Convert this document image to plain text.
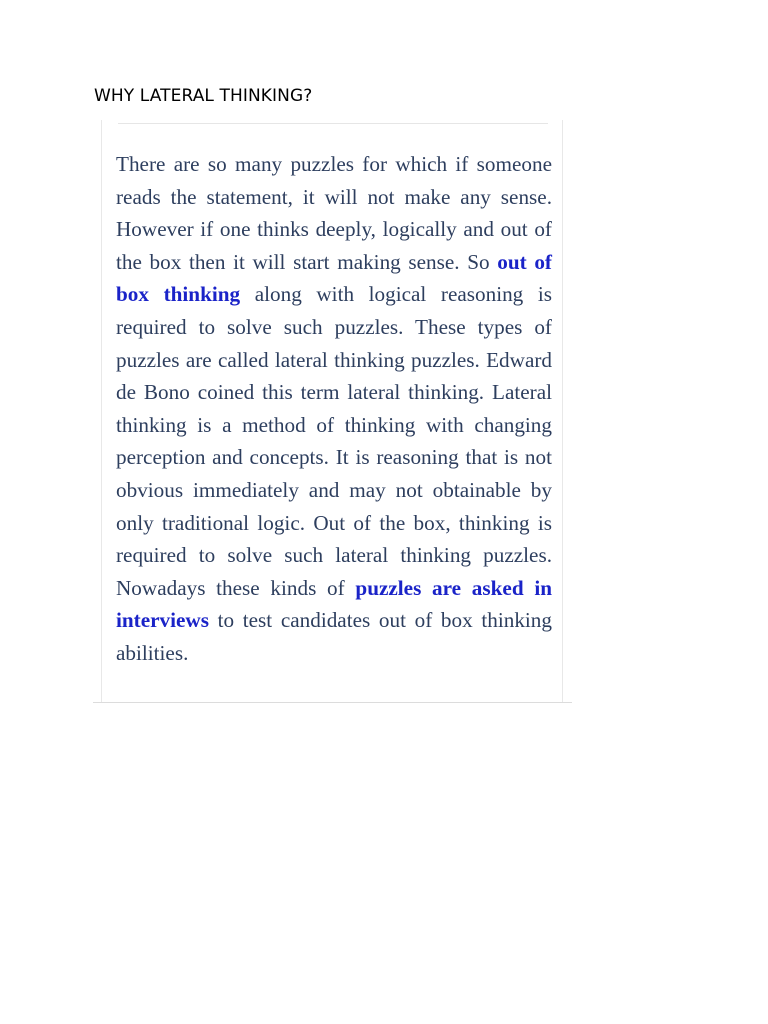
WHY LATERAL THINKING?

There are so many puzzles for which if someone reads the statement, it will not make any sense. However if one thinks deeply, logically and out of the box then it will start making sense. So out of box thinking along with logical reasoning is required to solve such puzzles. These types of puzzles are called lateral thinking puzzles. Edward de Bono coined this term lateral thinking. Lateral thinking is a method of thinking with changing perception and concepts. It is reasoning that is not obvious immediately and may not obtainable by only traditional logic. Out of the box, thinking is required to solve such lateral thinking puzzles. Nowadays these kinds of puzzles are asked in interviews to test candidates out of box thinking abilities.
